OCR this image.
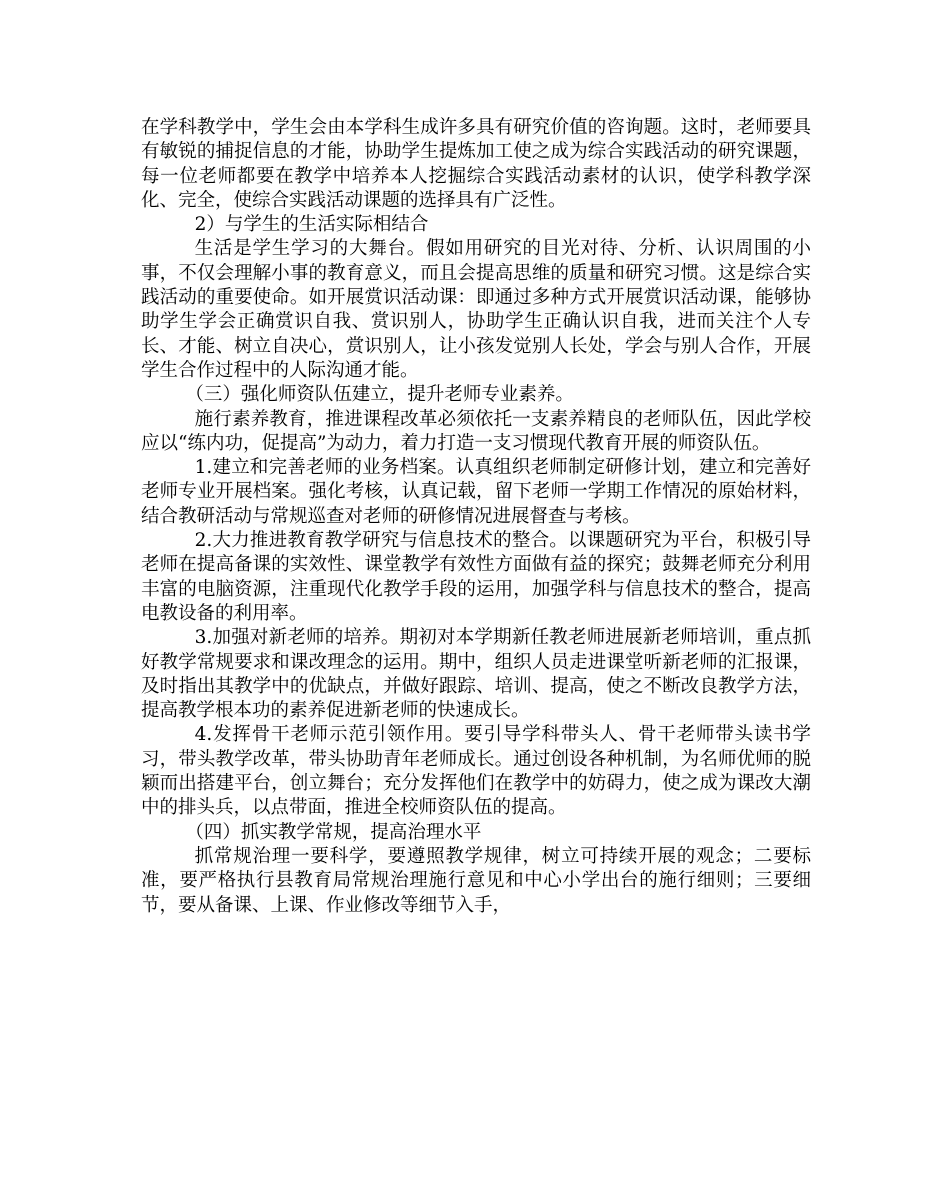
在学科教学中，学生会由本学科生成许多具有研究价值的咨询题。这时，老师要具有敏锐的捕捉信息的才能，协助学生提炼加工使之成为综合实践活动的研究课题，每一位老师都要在教学中培养本人挖掘综合实践活动素材的认识，使学科教学深化、完全，使综合实践活动课题的选择具有广泛性。

2）与学生的生活实际相结合

生活是学生学习的大舞台。假如用研究的目光对待、分析、认识周围的小事，不仅会理解小事的教育意义，而且会提高思维的质量和研究习惯。这是综合实践活动的重要使命。如开展赏识活动课：即通过多种方式开展赏识活动课，能够协助学生学会正确赏识自我、赏识别人，协助学生正确认识自我，进而关注个人专长、才能、树立自决心，赏识别人，让小孩发觉别人长处，学会与别人合作，开展学生合作过程中的人际沟通才能。

（三）强化师资队伍建立，提升老师专业素养。

施行素养教育，推进课程改革必须依托一支素养精良的老师队伍，因此学校应以“练内功，促提高”为动力，着力打造一支习惯现代教育开展的师资队伍。

1.建立和完善老师的业务档案。认真组织老师制定研修计划，建立和完善好老师专业开展档案。强化考核，认真记载，留下老师一学期工作情况的原始材料，结合教研活动与常规巡查对老师的研修情况进展督查与考核。

2.大力推进教育教学研究与信息技术的整合。以课题研究为平台，积极引导老师在提高备课的实效性、课堂教学有效性方面做有益的探究；鼓舞老师充分利用丰富的电脑资源，注重现代化教学手段的运用，加强学科与信息技术的整合，提高电教设备的利用率。

3.加强对新老师的培养。期初对本学期新任教老师进展新老师培训，重点抓好教学常规要求和课改理念的运用。期中，组织人员走进课堂听新老师的汇报课，及时指出其教学中的优缺点，并做好跟踪、培训、提高，使之不断改良教学方法，提高教学根本功的素养促进新老师的快速成长。

4.发挥骨干老师示范引领作用。要引导学科带头人、骨干老师带头读书学习，带头教学改革，带头协助青年老师成长。通过创设各种机制，为名师优师的脱颖而出搭建平台，创立舞台；充分发挥他们在教学中的妨碍力，使之成为课改大潮中的排头兵，以点带面，推进全校师资队伍的提高。

（四）抓实教学常规，提高治理水平

抓常规治理一要科学，要遵照教学规律，树立可持续开展的观念；二要标准，要严格执行县教育局常规治理施行意见和中心小学出台的施行细则；三要细节，要从备课、上课、作业修改等细节入手，
